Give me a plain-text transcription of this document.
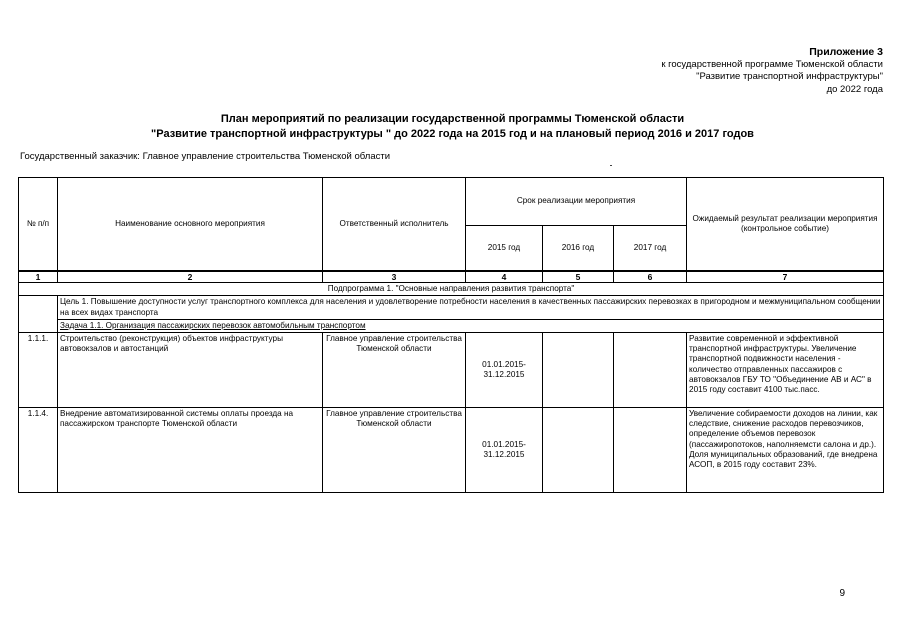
Приложение 3
к государственной программе Тюменской области
"Развитие транспортной инфраструктуры"
до 2022 года
План мероприятий по реализации государственной программы Тюменской области
"Развитие транспортной инфраструктуры " до 2022 года на 2015 год и на плановый период 2016 и 2017 годов
Государственный заказчик: Главное управление строительства Тюменской области
№ п/п	Наименование основного мероприятия	Ответственный исполнитель	Срок реализации мероприятия			Ожидаемый результат реализации мероприятия (контрольное событие)
			2015 год	2016 год	2017 год	
1	2	3	4	5	6	7
Подпрограмма 1. "Основные направления развития транспорта"						
	Цель 1. Повышение доступности услуг транспортного комплекса для населения и удовлетворение потребности населения в качественных пассажирских перевозках в пригородном и межмуниципальном сообщении на всех видах транспорта					
	Задача 1.1. Организация пассажирских перевозок автомобильным транспортом					
1.1.1.	Строительство (реконструкция) объектов инфраструктуры автовокзалов и автостанций	Главное управление строительства Тюменской области	01.01.2015-31.12.2015			Развитие современной и эффективной транспортной инфраструктуры. Увеличение транспортной подвижности населения - количество отправленных пассажиров с автовокзалов ГБУ ТО "Объединение АВ и АС" в 2015 году составит 4100 тыс.пасс.
1.1.4.	Внедрение автоматизированной системы оплаты проезда на пассажирском транспорте Тюменской области	Главное управление строительства Тюменской области	01.01.2015-31.12.2015			Увеличение собираемости доходов на линии, как следствие, снижение расходов перевозчиков, определение объемов перевозок (пассажиропотоков, наполняемсти салона и др.). Доля муниципальных образований, где внедрена АСОП, в 2015 году составит 23%.
9
